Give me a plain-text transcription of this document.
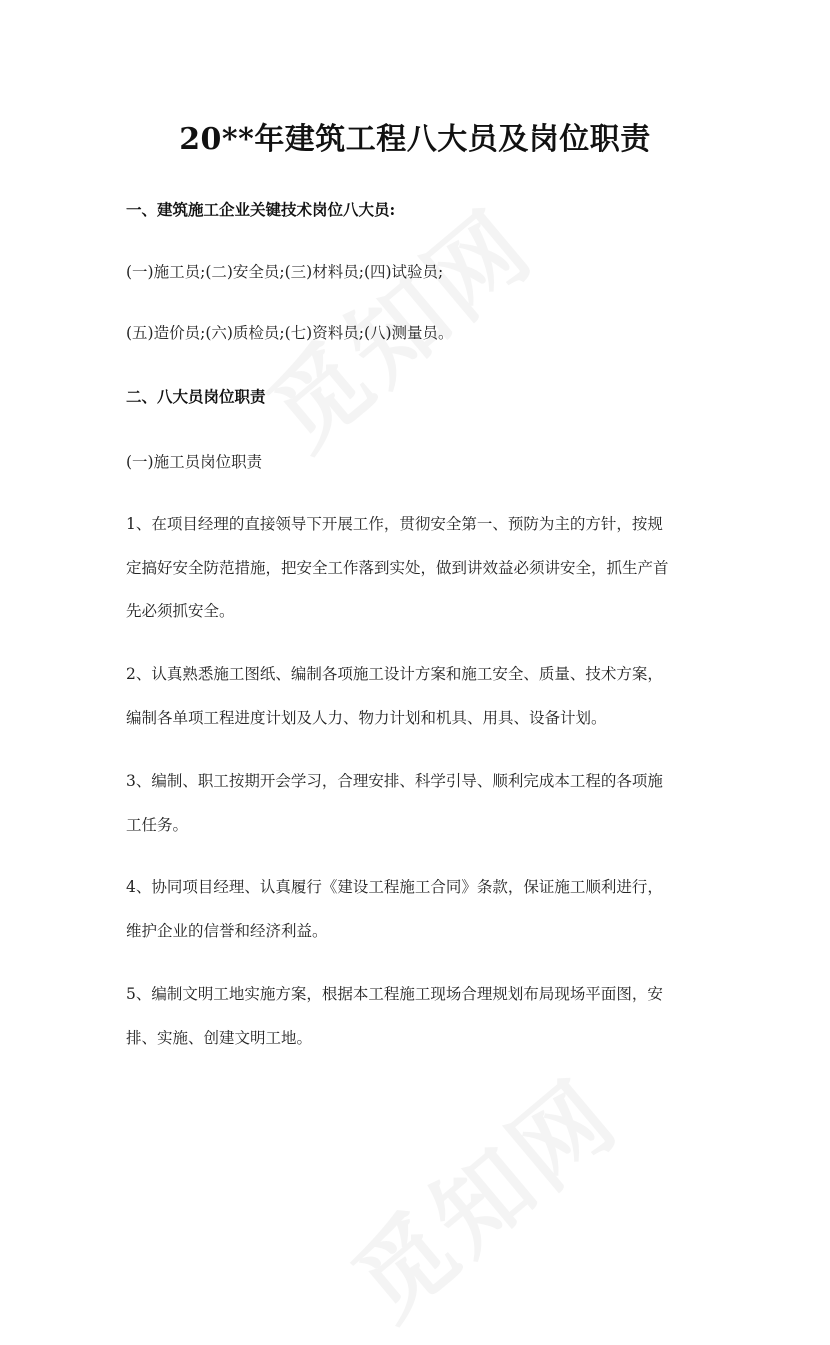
20**年建筑工程八大员及岗位职责
一、建筑施工企业关键技术岗位八大员:
(一)施工员;(二)安全员;(三)材料员;(四)试验员;
(五)造价员;(六)质检员;(七)资料员;(八)测量员。
二、八大员岗位职责
(一)施工员岗位职责
1、在项目经理的直接领导下开展工作，贯彻安全第一、预防为主的方针，按规
定搞好安全防范措施，把安全工作落到实处，做到讲效益必须讲安全，抓生产首
先必须抓安全。
2、认真熟悉施工图纸、编制各项施工设计方案和施工安全、质量、技术方案，
编制各单项工程进度计划及人力、物力计划和机具、用具、设备计划。
3、编制、职工按期开会学习，合理安排、科学引导、顺利完成本工程的各项施
工任务。
4、协同项目经理、认真履行《建设工程施工合同》条款，保证施工顺利进行，
维护企业的信誉和经济利益。
5、编制文明工地实施方案，根据本工程施工现场合理规划布局现场平面图，安
排、实施、创建文明工地。
